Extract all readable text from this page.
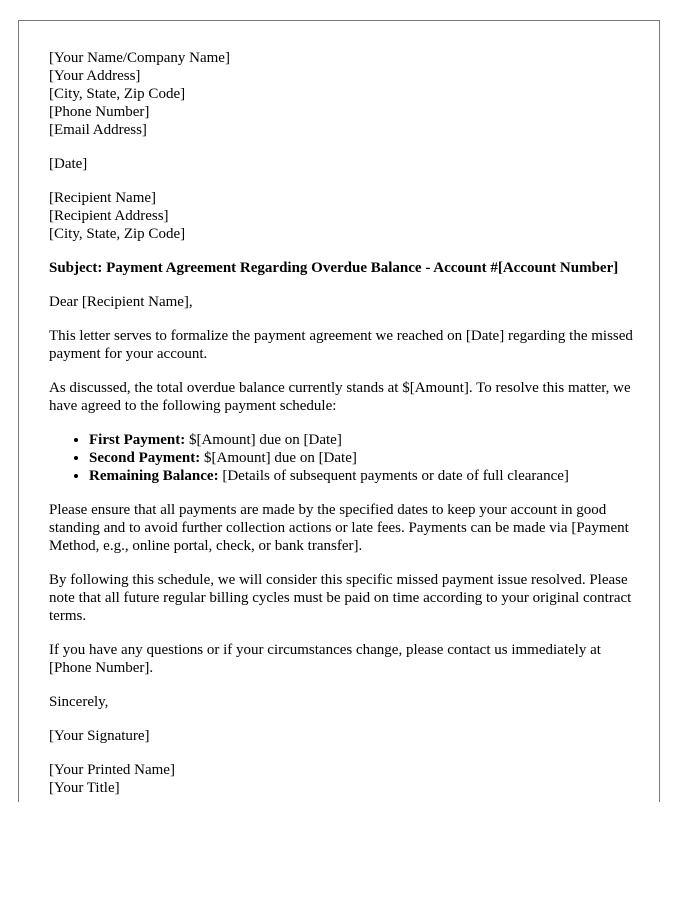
[Your Name/Company Name]
[Your Address]
[City, State, Zip Code]
[Phone Number]
[Email Address]
[Date]
[Recipient Name]
[Recipient Address]
[City, State, Zip Code]
Subject: Payment Agreement Regarding Overdue Balance - Account #[Account Number]

Dear [Recipient Name],

This letter serves to formalize the payment agreement we reached on [Date] regarding the missed payment for your account.

As discussed, the total overdue balance currently stands at $[Amount]. To resolve this matter, we have agreed to the following payment schedule:

• First Payment: $[Amount] due on [Date]
• Second Payment: $[Amount] due on [Date]
• Remaining Balance: [Details of subsequent payments or date of full clearance]

Please ensure that all payments are made by the specified dates to keep your account in good standing and to avoid further collection actions or late fees. Payments can be made via [Payment Method, e.g., online portal, check, or bank transfer].

By following this schedule, we will consider this specific missed payment issue resolved. Please note that all future regular billing cycles must be paid on time according to your original contract terms.

If you have any questions or if your circumstances change, please contact us immediately at [Phone Number].

Sincerely,

[Your Signature]

[Your Printed Name]
[Your Title]
